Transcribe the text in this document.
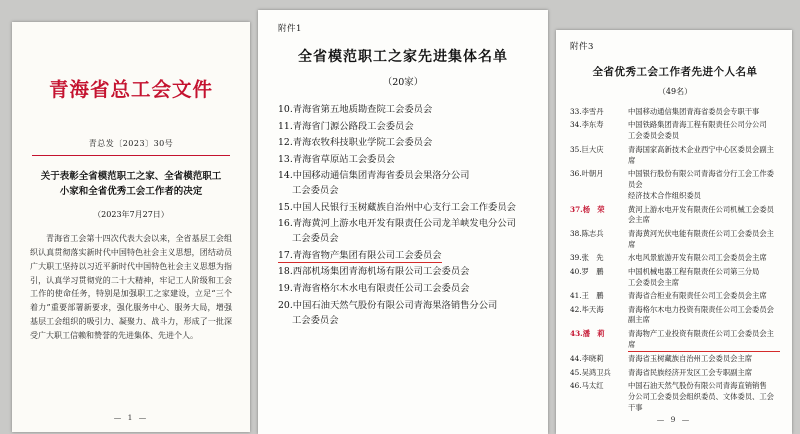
青海省总工会文件
青总发〔2023〕30号
关于表彰全省模范职工之家、全省模范职工
小家和全省优秀工会工作者的决定
（2023年7月27日）
青海省工会第十四次代表大会以来，全省基层工会组织认真贯彻落实新时代中国特色社会主义思想，团结动员广大职工坚持以习近平新时代中国特色社会主义思想为指引，认真学习贯彻党的二十大精神，牢记工人阶级和工会工作的使命任务，特别是加强职工之家建设，立足“三个着力”重要部署新要求，强化服务中心、服务大局，增强基层工会组织的吸引力、凝聚力、战斗力，形成了一批深受广大职工信赖和赞誉的先进集体、先进个人。
— 1 —
附件1
全省模范职工之家先进集体名单
（20家）
10.青海省第五地质勘查院工会委员会
11.青海省门源公路段工会委员会
12.青海农牧科技职业学院工会委员会
13.青海省草原站工会委员会
14.中国移动通信集团青海省委员会果洛分公司

工会委员会
15.中国人民银行玉树藏族自治州中心支行工会工作委员会
16.青海黄河上游水电开发有限责任公司龙羊峡发电分公司

工会委员会
17.青海省物产集团有限公司工会委员会
18.西部机场集团青海机场有限公司工会委员会
19.青海省格尔木水电有限责任公司工会委员会
20.中国石油天然气股份有限公司青海果洛销售分公司

工会委员会
附件3
全省优秀工会工作者先进个人名单
（49名）
33.李雪丹	中国移动通信集团青海省委员会专职干事
34.李东寿	中国铁路集团青海工程有限责任公司分公司
工会委员会委员
35.巨大庆	青海国家高新技术企业西宁中心区委员会副主席
36.叶朝月	中国银行股份有限公司青海省分行工会工作委员会
经济技术合作组织委员
37.杨　荣	黄河上游水电开发有限责任公司机械工会委员会主席
38.陈志兵	青海黄河光伏电能有限责任公司工会委员会主席
39.张　先	水电风景旅游开发有限公司工会委员会主席
40.罗　鹏	中国机械电器工程有限责任公司第三分局
工会委员会主席
41.王　鹏	青海省合柜业有限责任公司工会委员会主席
42.毕天海	青海格尔木电力投资有限责任公司工会委员会副主席
43.潘　莉	青海物产工业投资有限责任公司工会委员会主席
44.李晓莉	青海省玉树藏族自治州工会委员会主席
45.吴鸿卫兵	青海省民族经济开发区工会专职副主席
46.马太红	中国石油天然气股份有限公司青海直销销售
分公司工会委员会组织委员、文体委员、工会干事
— 9 —
